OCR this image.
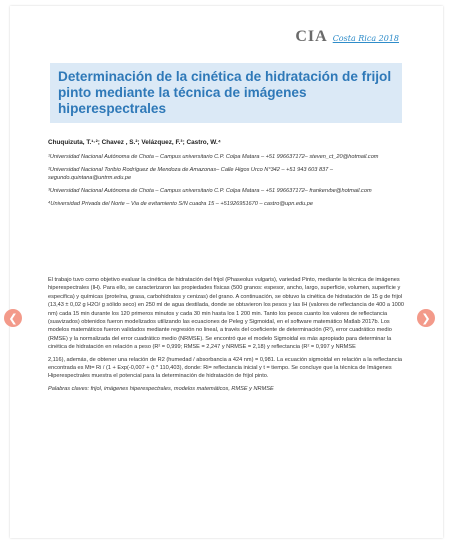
CIA Costa Rica 2018
Determinación de la cinética de hidratación de frijol pinto mediante la técnica de imágenes hiperespectrales
Chuquizuta, T.¹·²; Chavez , S.²; Velázquez, F.³; Castro, W.⁴

¹Universidad Nacional Autónoma de Chota – Campus universitario C.P. Colpa Matara – +51 996637172– steven_ct_20@hotmail.com

²Universidad Nacional Toribio Rodríguez de Mendoza de Amazonas– Calle Higos Urco N°342 – +51 943 603 837 – segundo.quintana@untrm.edu.pe

³Universidad Nacional Autónoma de Chota – Campus universitario C.P. Colpa Matara – +51 996637172– frankervbe@hotmail.com

⁴Universidad Privada del Norte – Via de evitamiento S/N cuadra 15 – +51926951670 – castro@upn.edu.pe

El trabajo tuvo como objetivo evaluar la cinética de hidratación del frijol (Phaseolus vulgaris), variedad Pinto, mediante la técnica de imágenes hiperespectrales (IH). Para ello, se caracterizaron las propiedades físicas (500 granos: espesor, ancho, largo, superficie, volumen, superficie y especifica) y químicas (proteína, grasa, carbohidratos y cenizas) del grano. A continuación, se obtuvo la cinética de hidratación de 15 g de frijol (13,43 ± 0,02 g H2O/ g sólido seco) en 250 ml de agua destilada, donde se obtuvieron los pesos y las IH (valores de reflectancia de 400 a 1000 nm) cada 15 min durante los 120 primeros minutos y cada 30 min hasta los 1 200 min. Tanto los pesos cuanto los valores de reflectancia (suavizados) obtenidos fueron modelizados utilizando las ecuaciones de Peleg y Sigmoidal, en el software matemático Matlab 2017b. Los modelos matemáticos fueron validados mediante regresión no lineal, a través del coeficiente de determinación (R²), error cuadrático medio (RMSE) y la normalizada del error cuadrático medio (NRMSE). Se encontró que el modelo Sigmoidal es más apropiado para determinar la cinética de hidratación en relación a peso (R² = 0,999; RMSE = 2,247 y NRMSE = 2,18) y reflectancia (R² = 0,997 y NRMSE

2,116), además, de obtener una relación de R2 (humedad / absorbancia a 424 nm) = 0,981. La ecuación sigmoidal en relación a la reflectancia encontrada es Mt= Ri / (1 + Exp(-0,007 + (t * 110,403), donde: Ri= reflectancia inicial y t = tiempo. Se concluye que la técnica de Imágenes Hiperespectrales muestra el potencial para la determinación de hidratación de frijol pinto.

Palabras claves: frijol, imágenes hiperespectrales, modelos matemáticos, RMSE y NRMSE

❮	❯
